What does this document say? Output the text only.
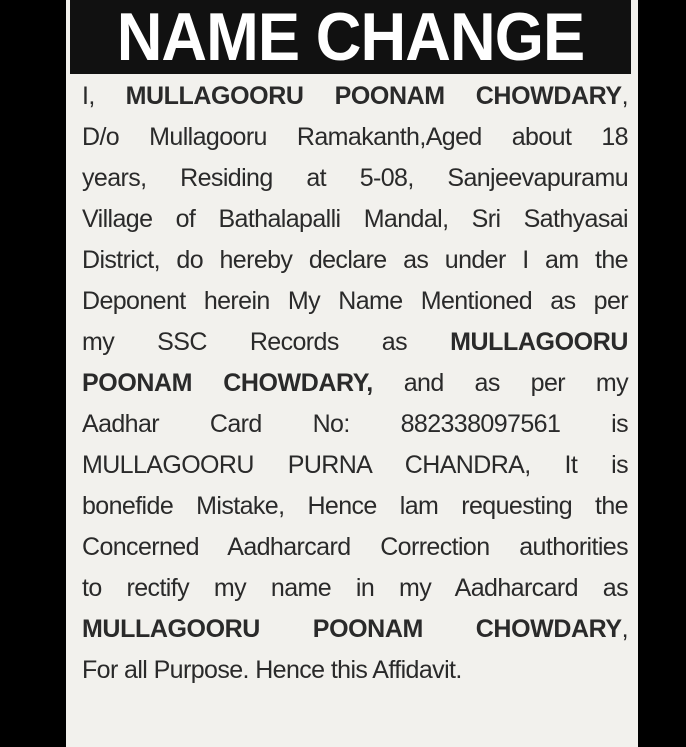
NAME CHANGE
I, MULLAGOORU POONAM CHOWDARY,
D/o Mullagooru Ramakanth,Aged about 18
years, Residing at 5-08, Sanjeevapuramu
Village of Bathalapalli Mandal, Sri Sathyasai
District, do hereby declare as under I am the
Deponent herein My Name Mentioned as per
my SSC Records as MULLAGOORU
POONAM CHOWDARY, and as per my
Aadhar Card No: 882338097561 is
MULLAGOORU PURNA CHANDRA, It is
bonefide Mistake, Hence lam requesting the
Concerned Aadharcard Correction authorities
to rectify my name in my Aadharcard as
MULLAGOORU POONAM CHOWDARY,
For all Purpose. Hence this Affidavit.
